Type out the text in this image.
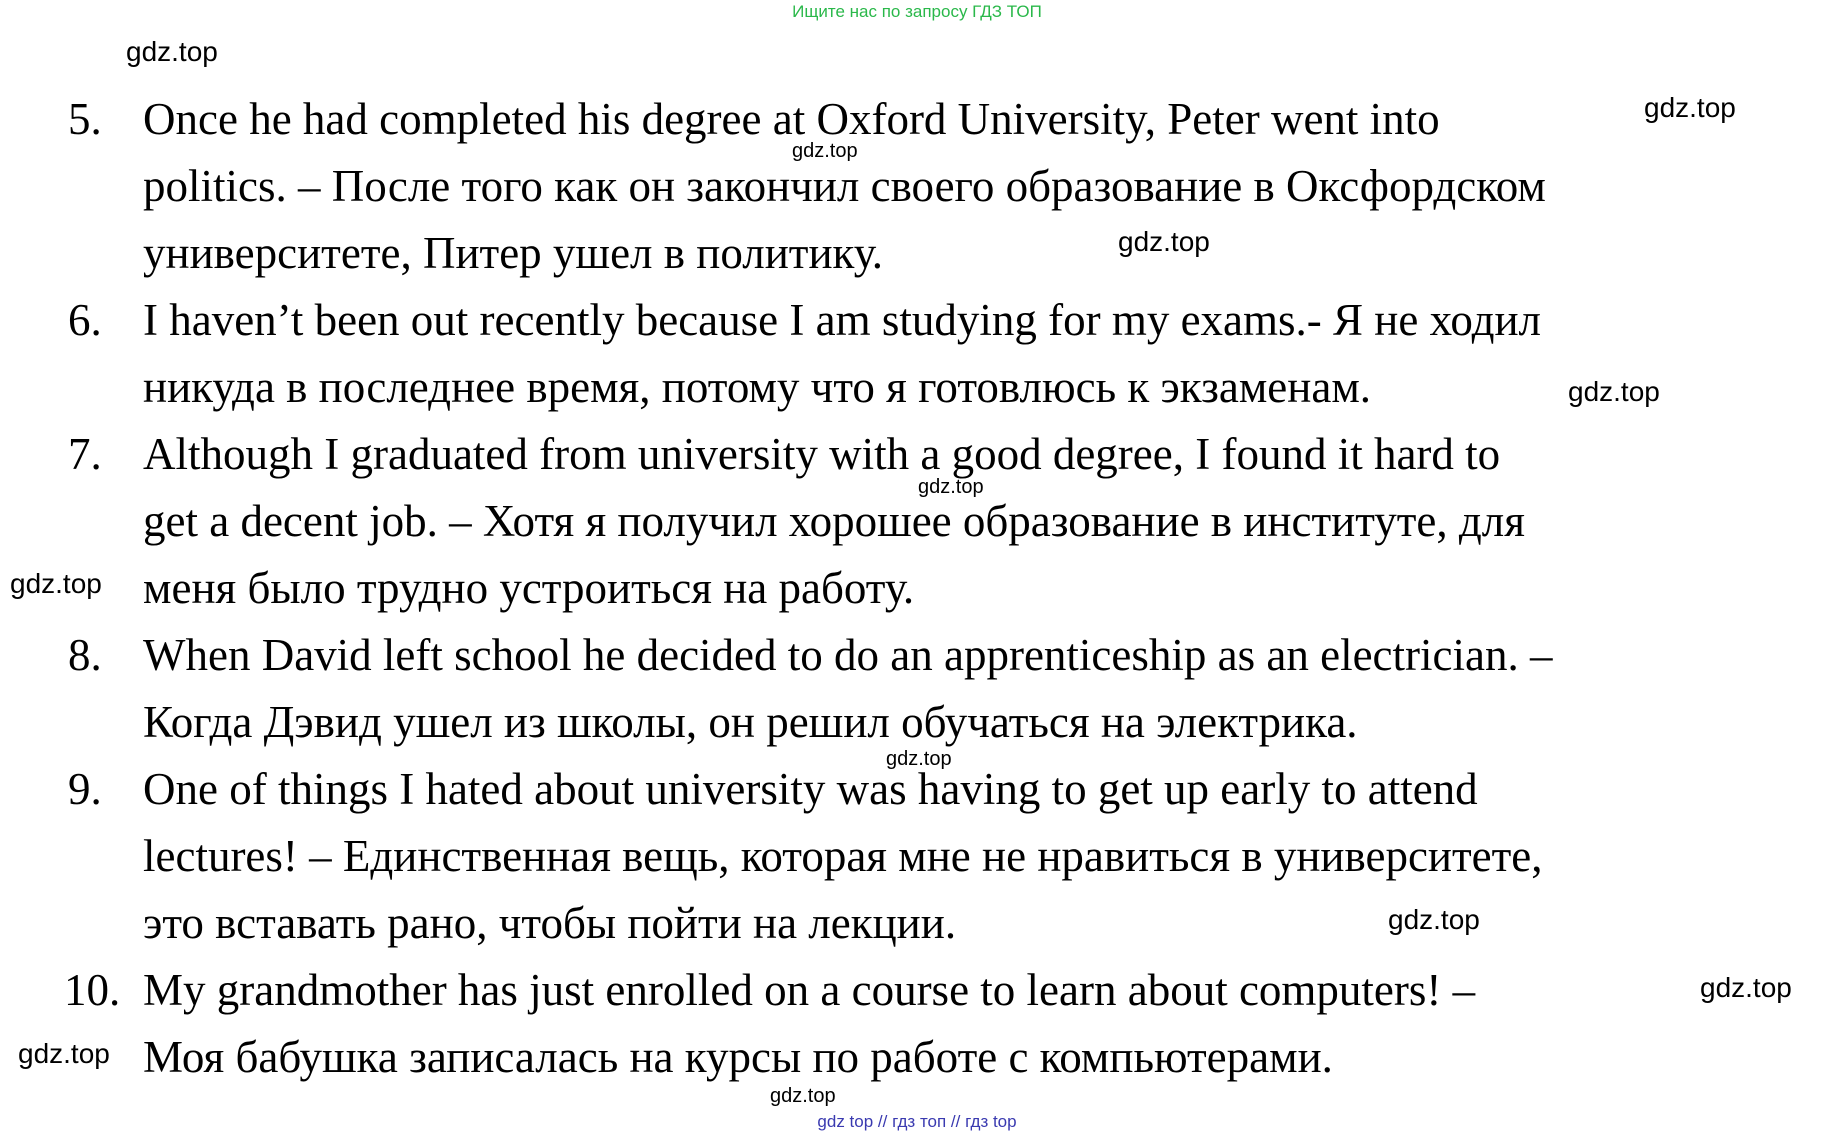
Ищите нас по запросу ГДЗ ТОП
5. Once he had completed his degree at Oxford University, Peter went into
politics. – После того как он закончил своего образование в Оксфордском
университете, Питер ушел в политику.
6. I haven’t been out recently because I am studying for my exams.- Я не ходил
никуда в последнее время, потому что я готовлюсь к экзаменам.
7. Although I graduated from university with a good degree, I found it hard to
get a decent job. – Хотя я получил хорошее образование в институте, для
меня было трудно устроиться на работу.
8. When David left school he decided to do an apprenticeship as an electrician. –
Когда Дэвид ушел из школы, он решил обучаться на электрика.
9. One of things I hated about university was having to get up early to attend
lectures! – Единственная вещь, которая мне не нравиться в университете,
это вставать рано, чтобы пойти на лекции.
10. My grandmother has just enrolled on a course to learn about computers! –
Моя бабушка записалась на курсы по работе с компьютерами.
gdz.top
gdz.top
gdz.top
gdz.top
gdz.top
gdz.top
gdz.top
gdz.top
gdz.top
gdz.top
gdz.top
gdz.top
gdz top // гдз топ // гдз top
